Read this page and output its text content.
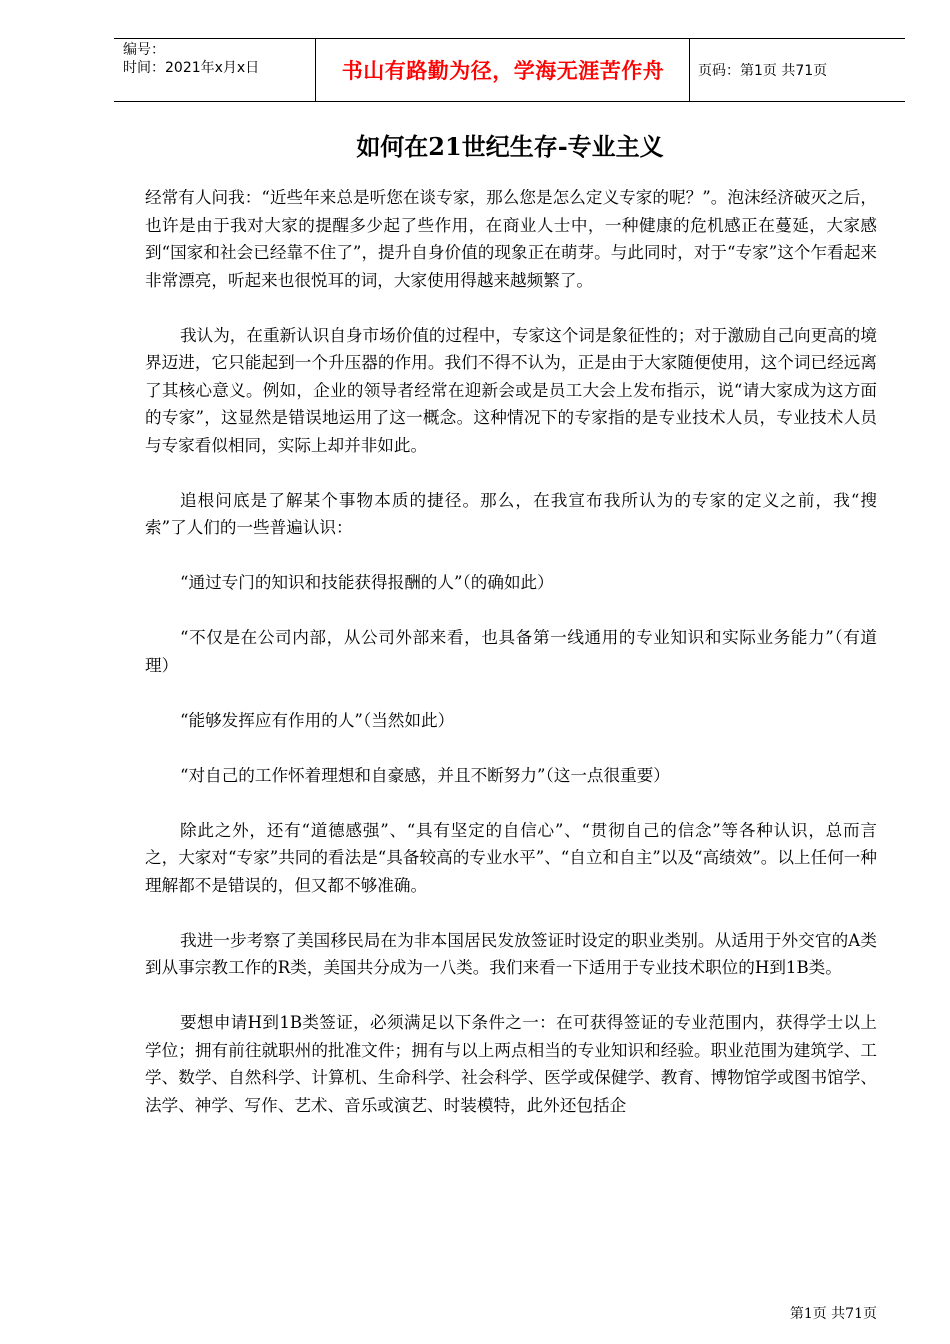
编号：
时间：2021年x月x日	书山有路勤为径，学海无涯苦作舟	页码：第1页 共71页
如何在21世纪生存-专业主义

经常有人问我：“近些年来总是听您在谈专家，那么您是怎么定义专家的呢？”。泡沫经济破灭之后，也许是由于我对大家的提醒多少起了些作用，在商业人士中，一种健康的危机感正在蔓延，大家感到“国家和社会已经靠不住了”，提升自身价值的现象正在萌芽。与此同时，对于“专家”这个乍看起来非常漂亮，听起来也很悦耳的词，大家使用得越来越频繁了。

我认为，在重新认识自身市场价值的过程中，专家这个词是象征性的；对于激励自己向更高的境界迈进，它只能起到一个升压器的作用。我们不得不认为，正是由于大家随便使用，这个词已经远离了其核心意义。例如，企业的领导者经常在迎新会或是员工大会上发布指示，说“请大家成为这方面的专家”，这显然是错误地运用了这一概念。这种情况下的专家指的是专业技术人员，专业技术人员与专家看似相同，实际上却并非如此。

追根问底是了解某个事物本质的捷径。那么，在我宣布我所认为的专家的定义之前，我“搜索”了人们的一些普遍认识：

“通过专门的知识和技能获得报酬的人”（的确如此）

“不仅是在公司内部，从公司外部来看，也具备第一线通用的专业知识和实际业务能力”（有道理）

“能够发挥应有作用的人”（当然如此）

“对自己的工作怀着理想和自豪感，并且不断努力”（这一点很重要）

除此之外，还有“道德感强”、“具有坚定的自信心”、“贯彻自己的信念”等各种认识，总而言之，大家对“专家”共同的看法是“具备较高的专业水平”、“自立和自主”以及“高绩效”。以上任何一种理解都不是错误的，但又都不够准确。

我进一步考察了美国移民局在为非本国居民发放签证时设定的职业类别。从适用于外交官的A类到从事宗教工作的R类，美国共分成为一八类。我们来看一下适用于专业技术职位的H到1B类。

要想申请H到1B类签证，必须满足以下条件之一：在可获得签证的专业范围内，获得学士以上学位；拥有前往就职州的批准文件；拥有与以上两点相当的专业知识和经验。职业范围为建筑学、工学、数学、自然科学、计算机、生命科学、社会科学、医学或保健学、教育、博物馆学或图书馆学、法学、神学、写作、艺术、音乐或演艺、时装模特，此外还包括企

第1页 共71页
